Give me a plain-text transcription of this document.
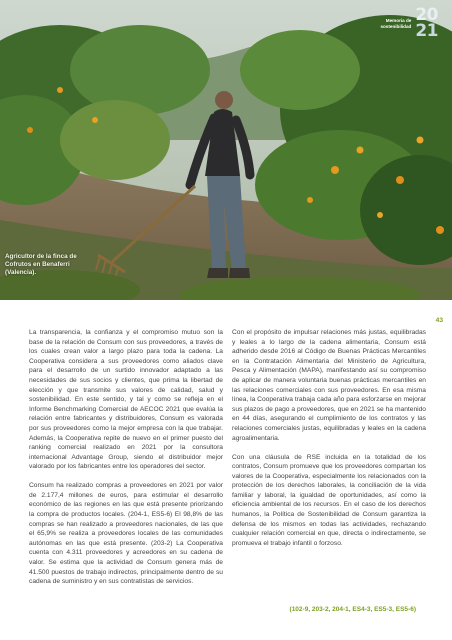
Memoria de
sostenibilidad
20
21
Agricultor de la finca de Cofrutos en Benaferri (Valencia).
43

La transparencia, la confianza y el compromiso mutuo son la base de la relación de Consum con sus proveedores, a través de los cuales crean valor a largo plazo para toda la cadena. La Cooperativa considera a sus proveedores como aliados clave para el desarrollo de un surtido innovador adaptado a las necesidades de sus socios y clientes, que prima la libertad de elección y que transmite sus valores de calidad, salud y sostenibilidad. En este sentido, y tal y como se refleja en el Informe Benchmarking Comercial de AECOC 2021 que evalúa la relación entre fabricantes y distribuidores, Consum es valorada por sus proveedores como la mejor empresa con la que trabajar. Además, la Cooperativa repite de nuevo en el primer puesto del ranking comercial realizado en 2021 por la consultora internacional Advantage Group, siendo el distribuidor mejor valorado por los fabricantes entre los operadores del sector.

Consum ha realizado compras a proveedores en 2021 por valor de 2.177,4 millones de euros, para estimular el desarrollo económico de las regiones en las que está presente priorizando la compra de productos locales. (204-1, ES5-6) El 98,8% de las compras se han realizado a proveedores nacionales, de las que el 65,9% se realiza a proveedores locales de las comunidades autónomas en las que está presente. (203-2) La Cooperativa cuenta con 4.311 proveedores y acreedores en su cadena de valor. Se estima que la actividad de Consum genera más de 41.500 puestos de trabajo indirectos, principalmente dentro de su cadena de suministro y en sus contratistas de servicios.

Con el propósito de impulsar relaciones más justas, equilibradas y leales a lo largo de la cadena alimentaria, Consum está adherido desde 2016 al Código de Buenas Prácticas Mercantiles en la Contratación Alimentaria del Ministerio de Agricultura, Pesca y Alimentación (MAPA), manifestando así su compromiso de aplicar de manera voluntaria buenas prácticas mercantiles en las relaciones comerciales con sus proveedores. En esa misma línea, la Cooperativa trabaja cada año para esforzarse en mejorar sus plazos de pago a proveedores, que en 2021 se ha mantenido en 44 días, asegurando el cumplimiento de los contratos y las relaciones comerciales justas, equilibradas y leales en la cadena agroalimentaria.

Con una cláusula de RSE incluida en la totalidad de los contratos, Consum promueve que los proveedores compartan los valores de la Cooperativa, especialmente los relacionados con la protección de los derechos laborales, la conciliación de la vida familiar y laboral, la igualdad de oportunidades, así como la eficiencia ambiental de los recursos. En el caso de los derechos humanos, la Política de Sostenibilidad de Consum garantiza la defensa de los mismos en todas las actividades, rechazando cualquier relación comercial en que, directa o indirectamente, se promueva el trabajo infantil o forzoso.

(102-9, 203-2, 204-1, ES4-3, ES5-3, ES5-6)
